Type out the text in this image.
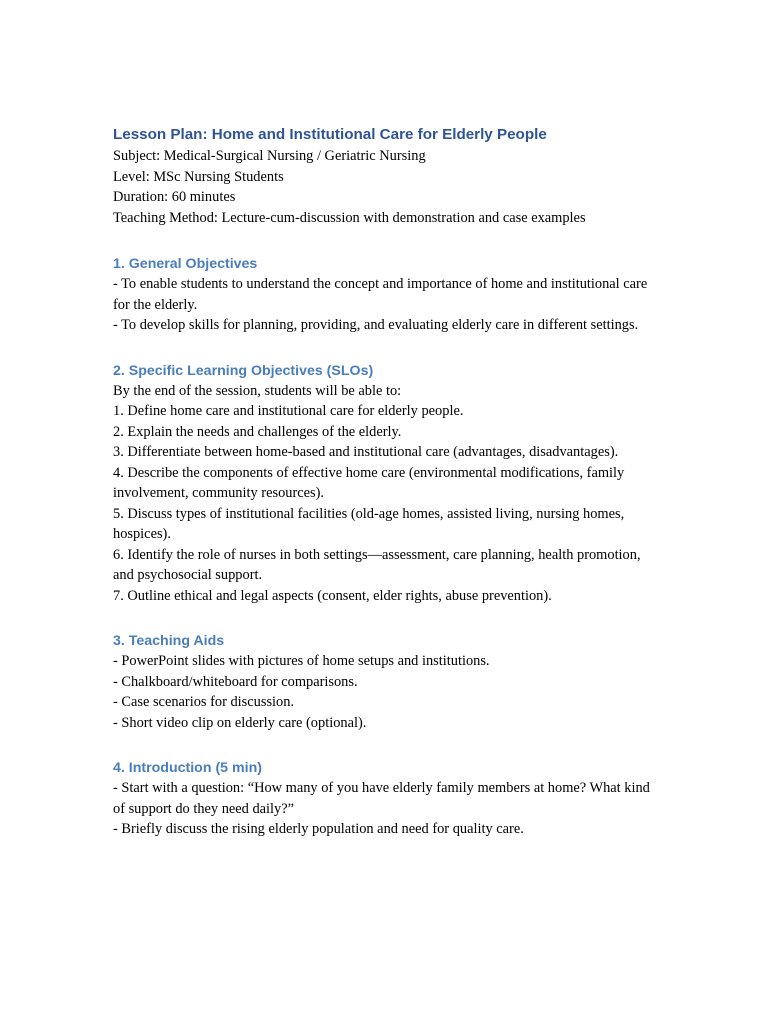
Lesson Plan: Home and Institutional Care for Elderly People

Subject: Medical-Surgical Nursing / Geriatric Nursing

Level: MSc Nursing Students

Duration: 60 minutes

Teaching Method: Lecture-cum-discussion with demonstration and case examples

1. General Objectives
- To enable students to understand the concept and importance of home and institutional care for the elderly.
- To develop skills for planning, providing, and evaluating elderly care in different settings.
2. Specific Learning Objectives (SLOs)

By the end of the session, students will be able to:

1. Define home care and institutional care for elderly people.
2. Explain the needs and challenges of the elderly.
3. Differentiate between home-based and institutional care (advantages, disadvantages).
4. Describe the components of effective home care (environmental modifications, family involvement, community resources).
5. Discuss types of institutional facilities (old-age homes, assisted living, nursing homes, hospices).
6. Identify the role of nurses in both settings—assessment, care planning, health promotion, and psychosocial support.
7. Outline ethical and legal aspects (consent, elder rights, abuse prevention).
3. Teaching Aids
- PowerPoint slides with pictures of home setups and institutions.
- Chalkboard/whiteboard for comparisons.
- Case scenarios for discussion.
- Short video clip on elderly care (optional).
4. Introduction (5 min)
- Start with a question: “How many of you have elderly family members at home? What kind of support do they need daily?”
- Briefly discuss the rising elderly population and need for quality care.
